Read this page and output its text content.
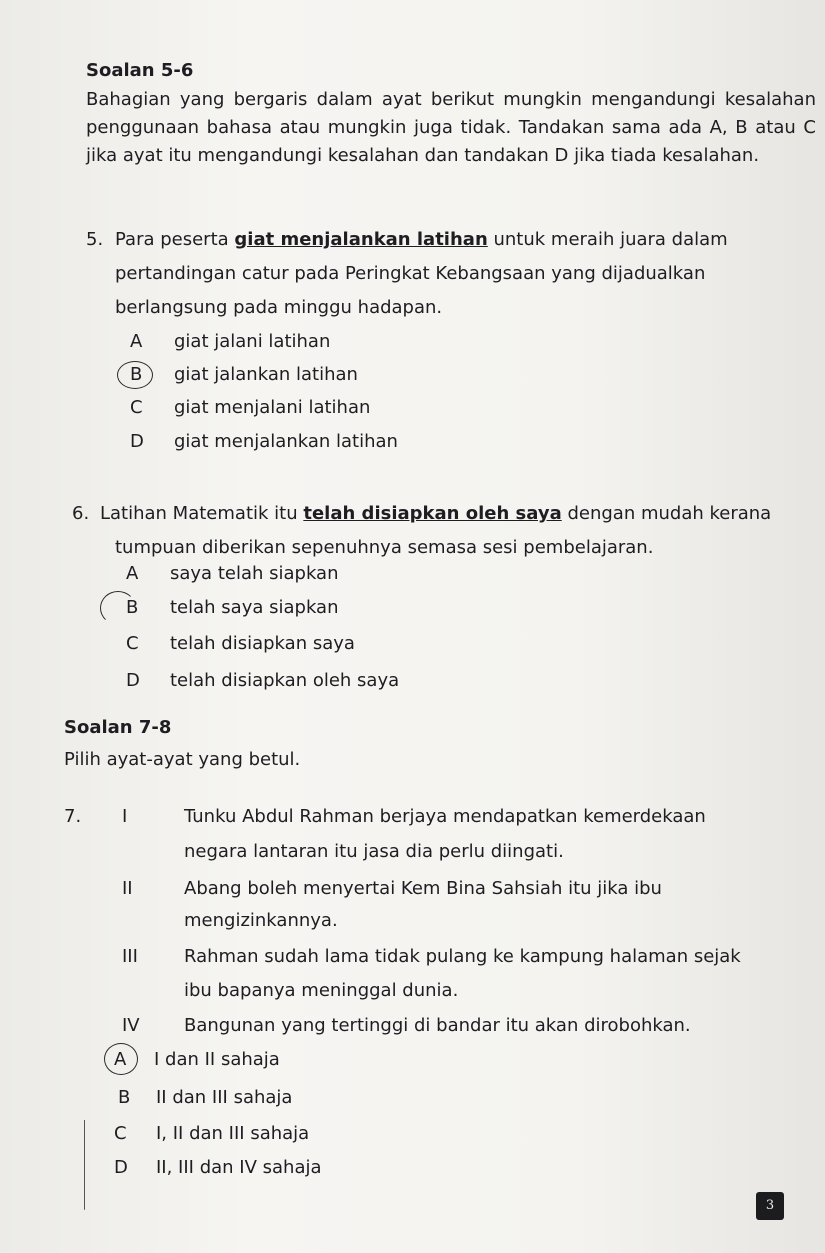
Soalan 5-6
Bahagian yang bergaris dalam ayat berikut mungkin mengandungi kesalahan penggunaan bahasa atau mungkin juga tidak. Tandakan sama ada A, B atau C jika ayat itu mengandungi kesalahan dan tandakan D jika tiada kesalahan.
5. Para peserta giat menjalankan latihan untuk meraih juara dalam
pertandingan catur pada Peringkat Kebangsaan yang dijadualkan
berlangsung pada minggu hadapan.
A giat jalani latihan
B giat jalankan latihan
C giat menjalani latihan
D giat menjalankan latihan
6. Latihan Matematik itu telah disiapkan oleh saya dengan mudah kerana
tumpuan diberikan sepenuhnya semasa sesi pembelajaran.
A saya telah siapkan
B telah saya siapkan
C telah disiapkan saya
D telah disiapkan oleh saya
Soalan 7-8
Pilih ayat-ayat yang betul.
7. I	Tunku Abdul Rahman berjaya mendapatkan kemerdekaan
negara lantaran itu jasa dia perlu diingati.
II	Abang boleh menyertai Kem Bina Sahsiah itu jika ibu
mengizinkannya.
III	Rahman sudah lama tidak pulang ke kampung halaman sejak
ibu bapanya meninggal dunia.
IV Bangunan yang tertinggi di bandar itu akan dirobohkan.
A I dan II sahaja
B II dan III sahaja
C I, II dan III sahaja
D II, III dan IV sahaja
3
